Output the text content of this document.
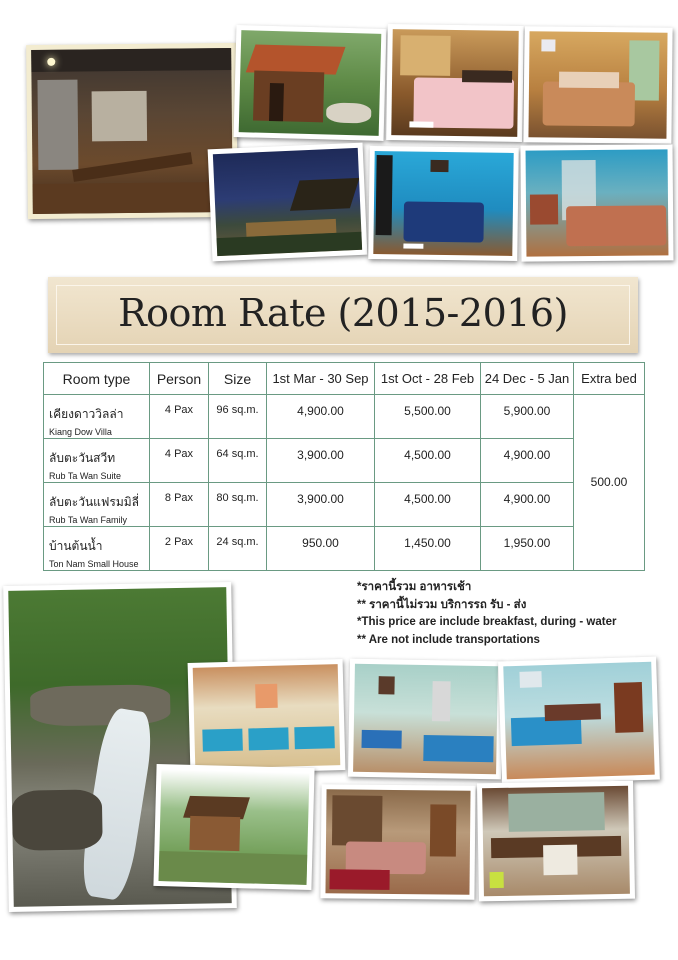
Room Rate (2015-2016)
Room type	Person	Size	1st Mar - 30 Sep	1st Oct - 28 Feb	24 Dec - 5 Jan	Extra bed

เคียงดาววิลล่า
Kiang Dow Villa	4 Pax	96 sq.m.	4,900.00	5,500.00	5,900.00	500.00

ลับตะวันสวีท
Rub Ta Wan Suite	4 Pax	64 sq.m.	3,900.00	4,500.00	4,900.00	

ลับตะวันแฟรมมิลี่
Rub Ta Wan Family	8 Pax	80 sq.m.	3,900.00	4,500.00	4,900.00	

บ้านต้นน้ำ
Ton Nam Small House	2 Pax	24 sq.m.	950.00	1,450.00	1,950.00	
*ราคานี้รวม อาหารเช้า
** ราคานี้ไม่รวม บริการรถ รับ - ส่ง
*This price are include breakfast, during - water
** Are not include transportations
